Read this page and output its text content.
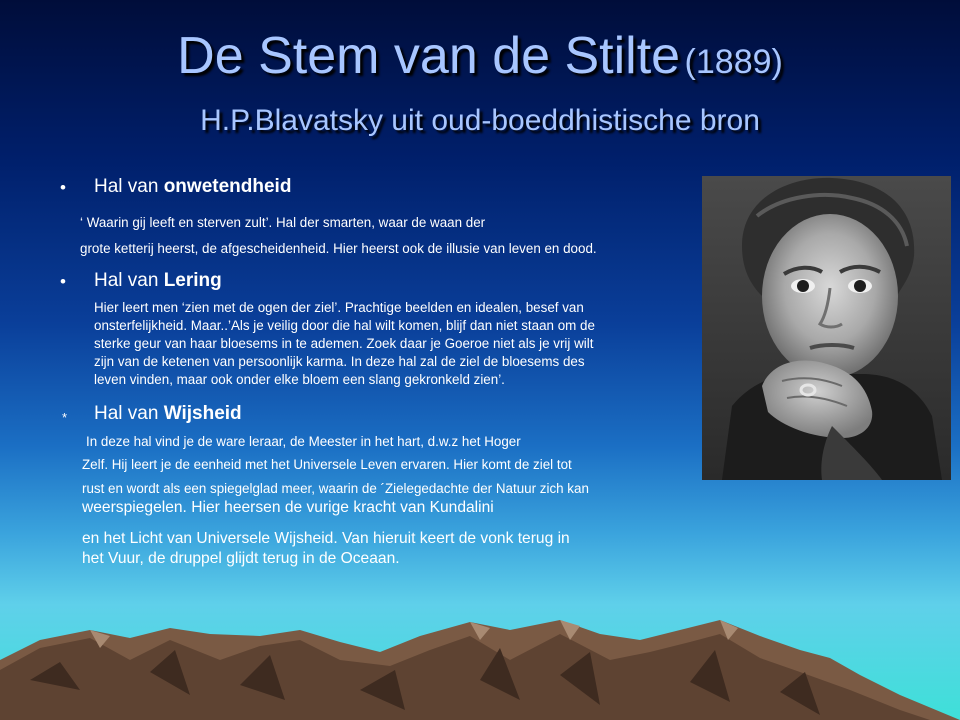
De Stem van de Stilte (1889)
H.P.Blavatsky uit oud-boeddhistische bron
• Hal van onwetendheid
‘ Waarin gij leeft en sterven zult’. Hal der smarten, waar de waan der
grote ketterij heerst, de afgescheidenheid. Hier heerst ook de illusie van leven en dood.
• Hal van Lering
Hier leert men ‘zien met de ogen der ziel’. Prachtige beelden en idealen, besef van
onsterfelijkheid. Maar..’Als je veilig door die hal wilt komen, blijf dan niet staan om de
sterke geur van haar bloesems in te ademen. Zoek daar je Goeroe niet als je vrij wilt
zijn van de ketenen van persoonlijk karma. In deze hal zal de ziel de bloesems des
leven vinden, maar ook onder elke bloem een slang gekronkeld zien’.
* Hal van Wijsheid
In deze hal vind je de ware leraar, de Meester in het hart, d.w.z het Hoger
Zelf. Hij leert je de eenheid met het Universele Leven ervaren. Hier komt de ziel tot
rust en wordt als een spiegelglad meer, waarin de ´Zielegedachte der Natuur zich kan
weerspiegelen. Hier heersen de vurige kracht van Kundalini
en het Licht van Universele Wijsheid. Van hieruit keert de vonk terug in
het Vuur, de druppel glijdt terug in de Oceaan.
